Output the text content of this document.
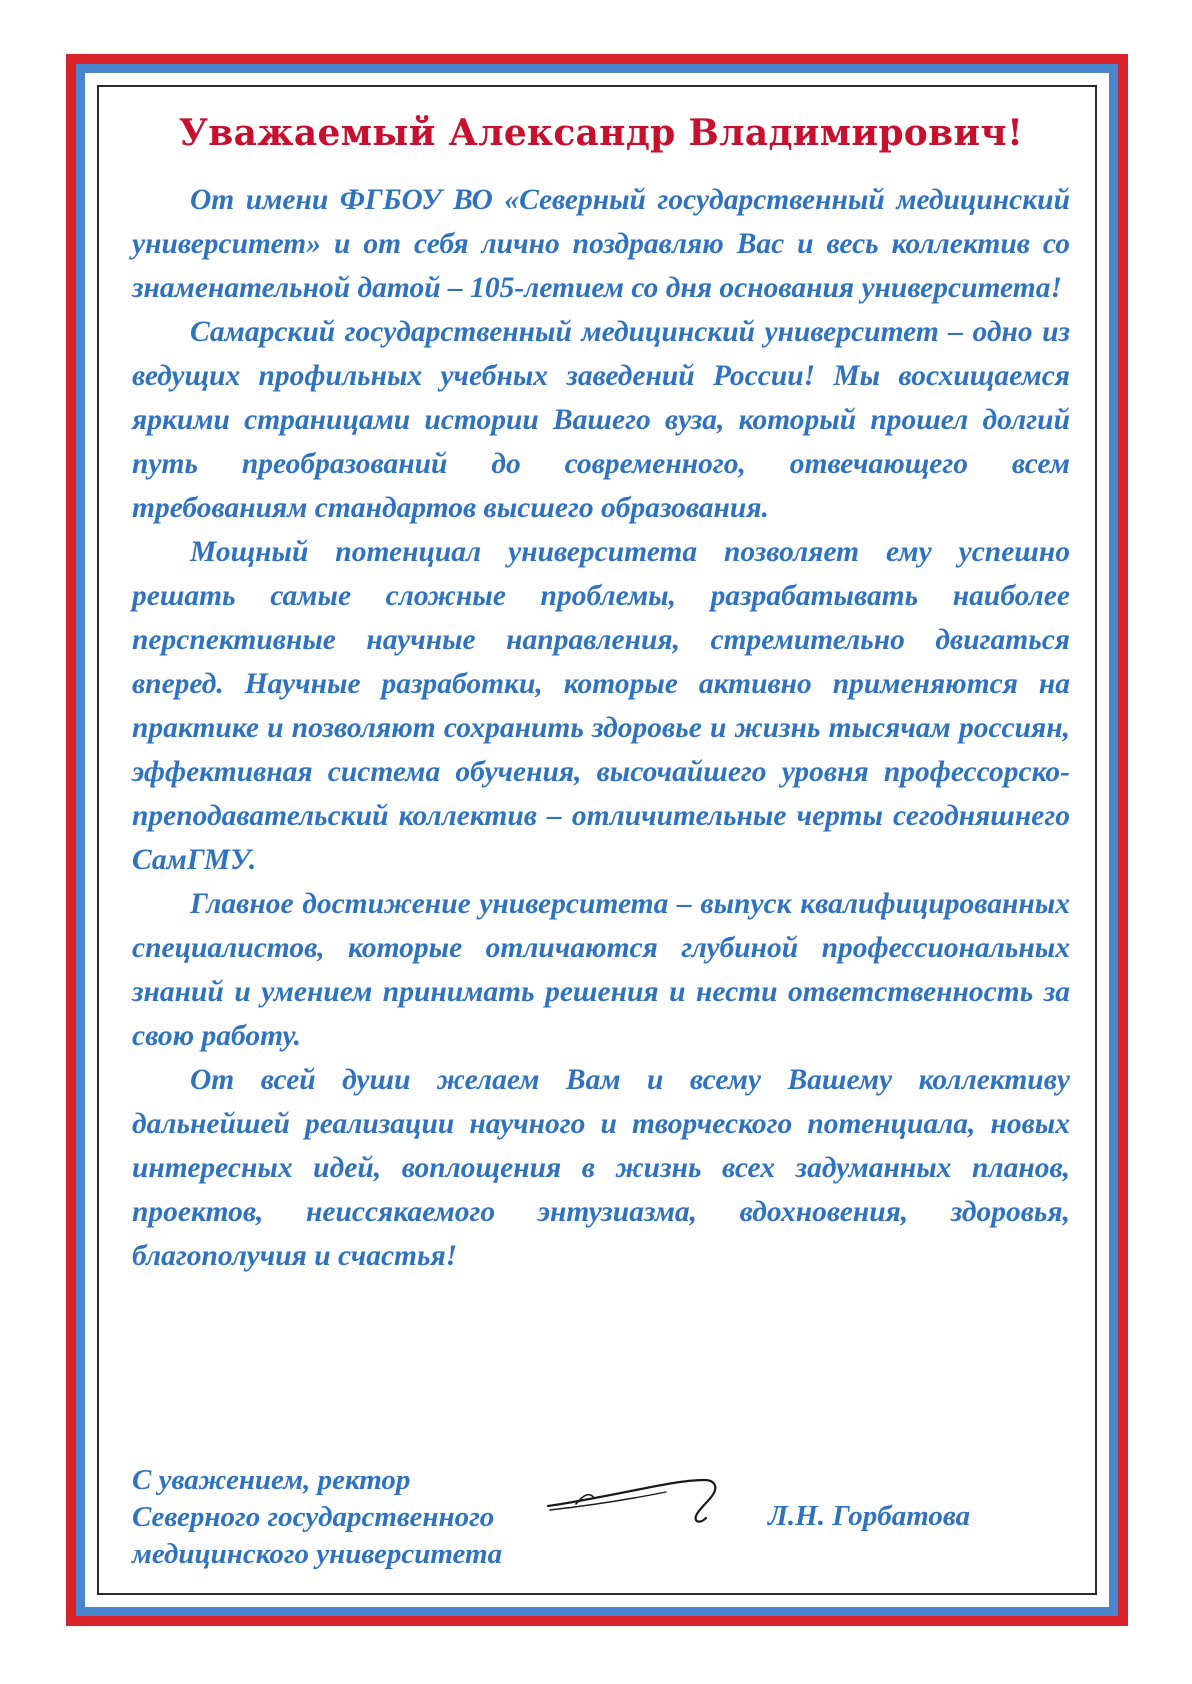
Уважаемый Александр Владимирович!

От имени ФГБОУ ВО «Северный государственный медицинский университет» и от себя лично поздравляю Вас и весь коллектив со знаменательной датой – 105-летием со дня основания университета!

Самарский государственный медицинский университет – одно из ведущих профильных учебных заведений России! Мы восхищаемся яркими страницами истории Вашего вуза, который прошел долгий путь преобразований до современного, отвечающего всем требованиям стандартов высшего образования.

Мощный потенциал университета позволяет ему успешно решать самые сложные проблемы, разрабатывать наиболее перспективные научные направления, стремительно двигаться вперед. Научные разработки, которые активно применяются на практике и позволяют сохранить здоровье и жизнь тысячам россиян, эффективная система обучения, высочайшего уровня профессорско-преподавательский коллектив – отличительные черты сегодняшнего СамГМУ.

Главное достижение университета – выпуск квалифицированных специалистов, которые отличаются глубиной профессиональных знаний и умением принимать решения и нести ответственность за свою работу.

От всей души желаем Вам и всему Вашему коллективу дальнейшей реализации научного и творческого потенциала, новых интересных идей, воплощения в жизнь всех задуманных планов, проектов, неиссякаемого энтузиазма, вдохновения, здоровья, благополучия и счастья!

С уважением, ректор
Северного государственного
медицинского университета
Л.Н. Горбатова
